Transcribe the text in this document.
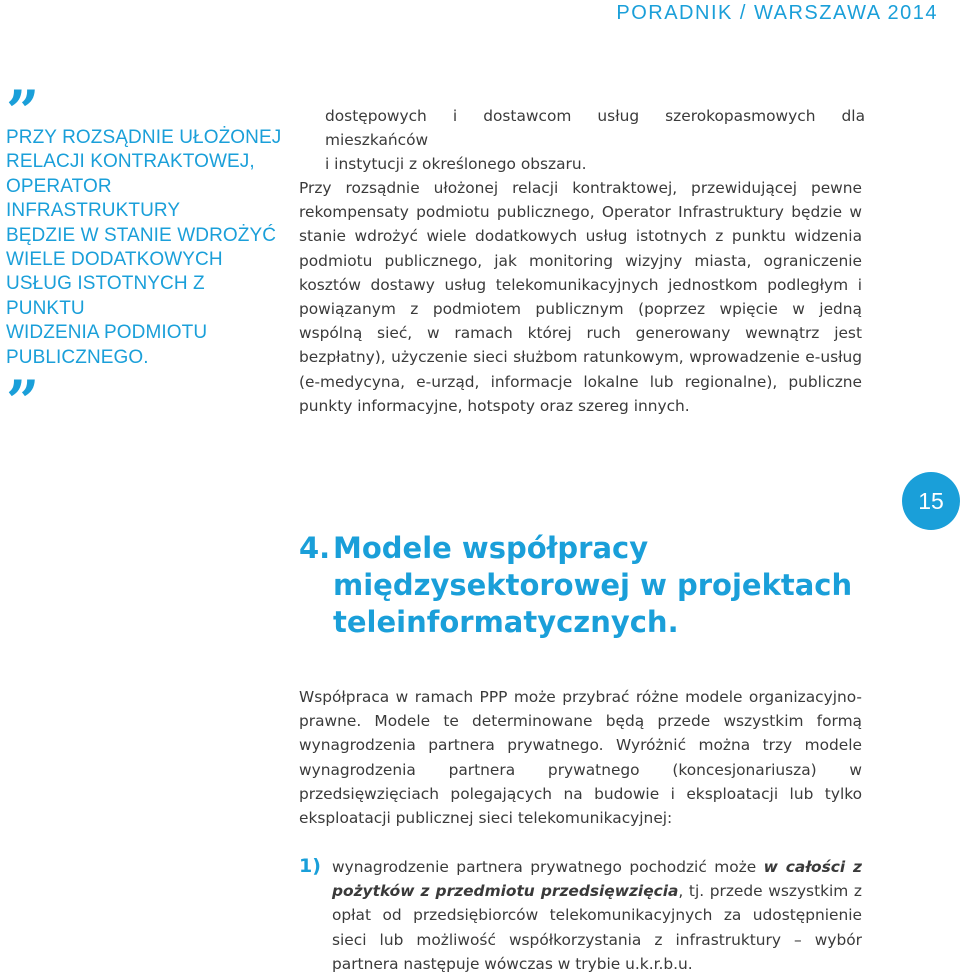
PORADNIK / WARSZAWA 2014
”
PRZY ROZSĄDNIE UŁOŻONEJ
RELACJI KONTRAKTOWEJ,
OPERATOR INFRASTRUKTURY
BĘDZIE W STANIE WDROŻYĆ
WIELE DODATKOWYCH
USŁUG ISTOTNYCH Z PUNKTU
WIDZENIA PODMIOTU
PUBLICZNEGO.
”

dostępowych i dostawcom usług szerokopasmowych dla mieszkańców
i instytucji z określonego obszaru.

Przy rozsądnie ułożonej relacji kontraktowej, przewidującej pewne rekompensaty podmiotu publicznego, Operator Infrastruktury będzie w stanie wdrożyć wiele dodatkowych usług istotnych z punktu widzenia podmiotu publicznego, jak monitoring wizyjny miasta, ograniczenie kosztów dostawy usług telekomunikacyjnych jednostkom podległym i powiązanym z podmiotem publicznym (poprzez wpięcie w jedną wspólną sieć, w ramach której ruch generowany wewnątrz jest bezpłatny), użyczenie sieci służbom ratunkowym, wprowadzenie e-usług (e-medycyna, e-urząd, informacje lokalne lub regionalne), publiczne punkty informacyjne, hotspoty oraz szereg innych.

15
4. Modele współpracy
międzysektorowej w projektach
teleinformatycznych.

Współpraca w ramach PPP może przybrać różne modele organizacyjno-prawne. Modele te determinowane będą przede wszystkim formą wynagrodzenia partnera prywatnego. Wyróżnić można trzy modele wynagrodzenia partnera prywatnego (koncesjonariusza) w przedsięwzięciach polegających na budowie i eksploatacji lub tylko eksploatacji publicznej sieci telekomunikacyjnej:

1) wynagrodzenie partnera prywatnego pochodzić może w całości z pożytków z przedmiotu przedsięwzięcia, tj. przede wszystkim z opłat od przedsiębiorców telekomunikacyjnych za udostępnienie sieci lub możliwość współkorzystania z infrastruktury – wybór partnera następuje wówczas w trybie u.k.r.b.u.
